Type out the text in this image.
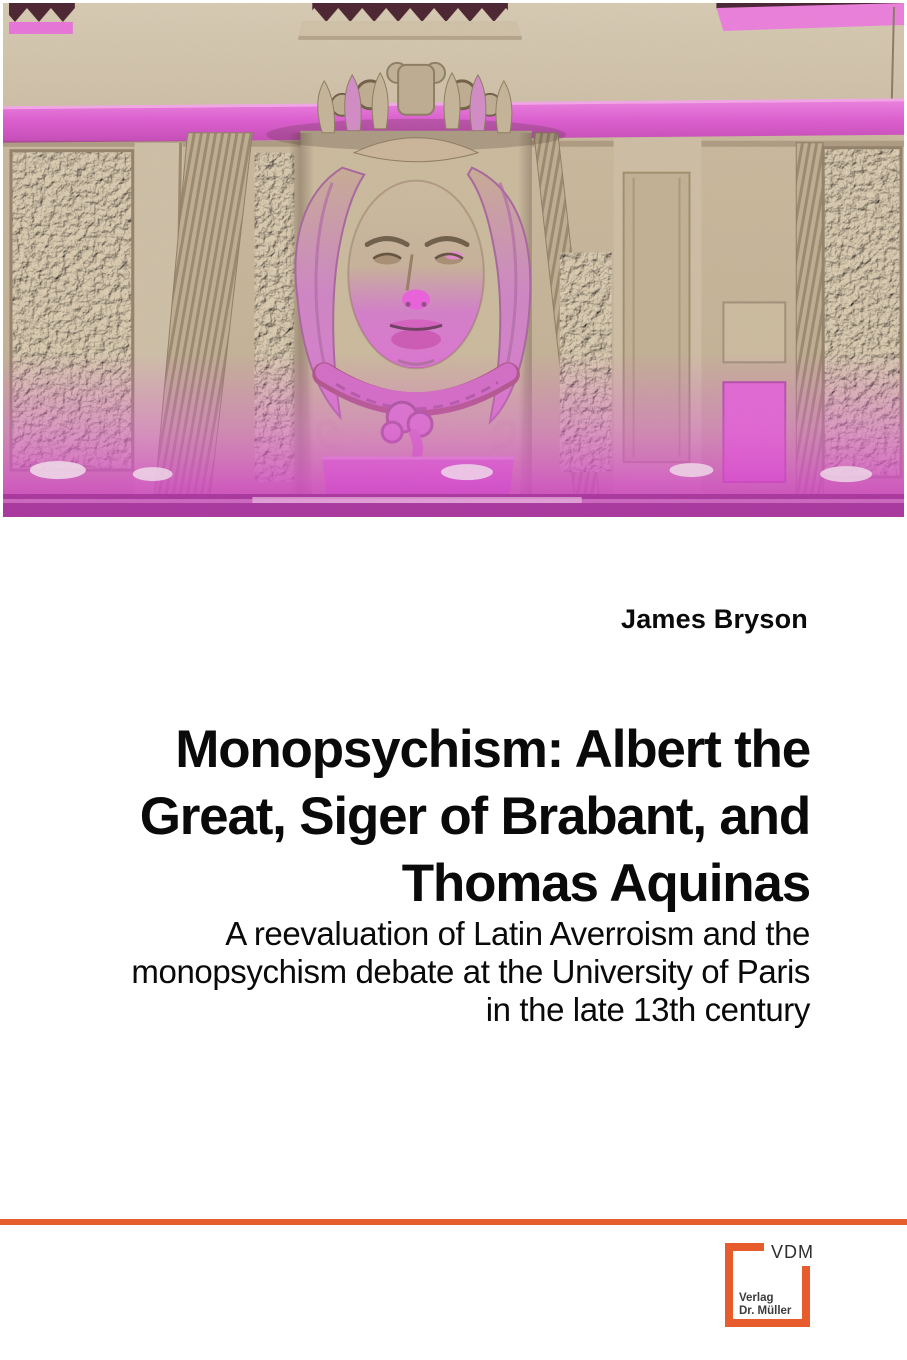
James Bryson
Monopsychism: Albert the
Great, Siger of Brabant, and
Thomas Aquinas
A reevaluation of Latin Averroism and the
monopsychism debate at the University of Paris
in the late 13th century
VDM
Verlag
Dr. Müller
